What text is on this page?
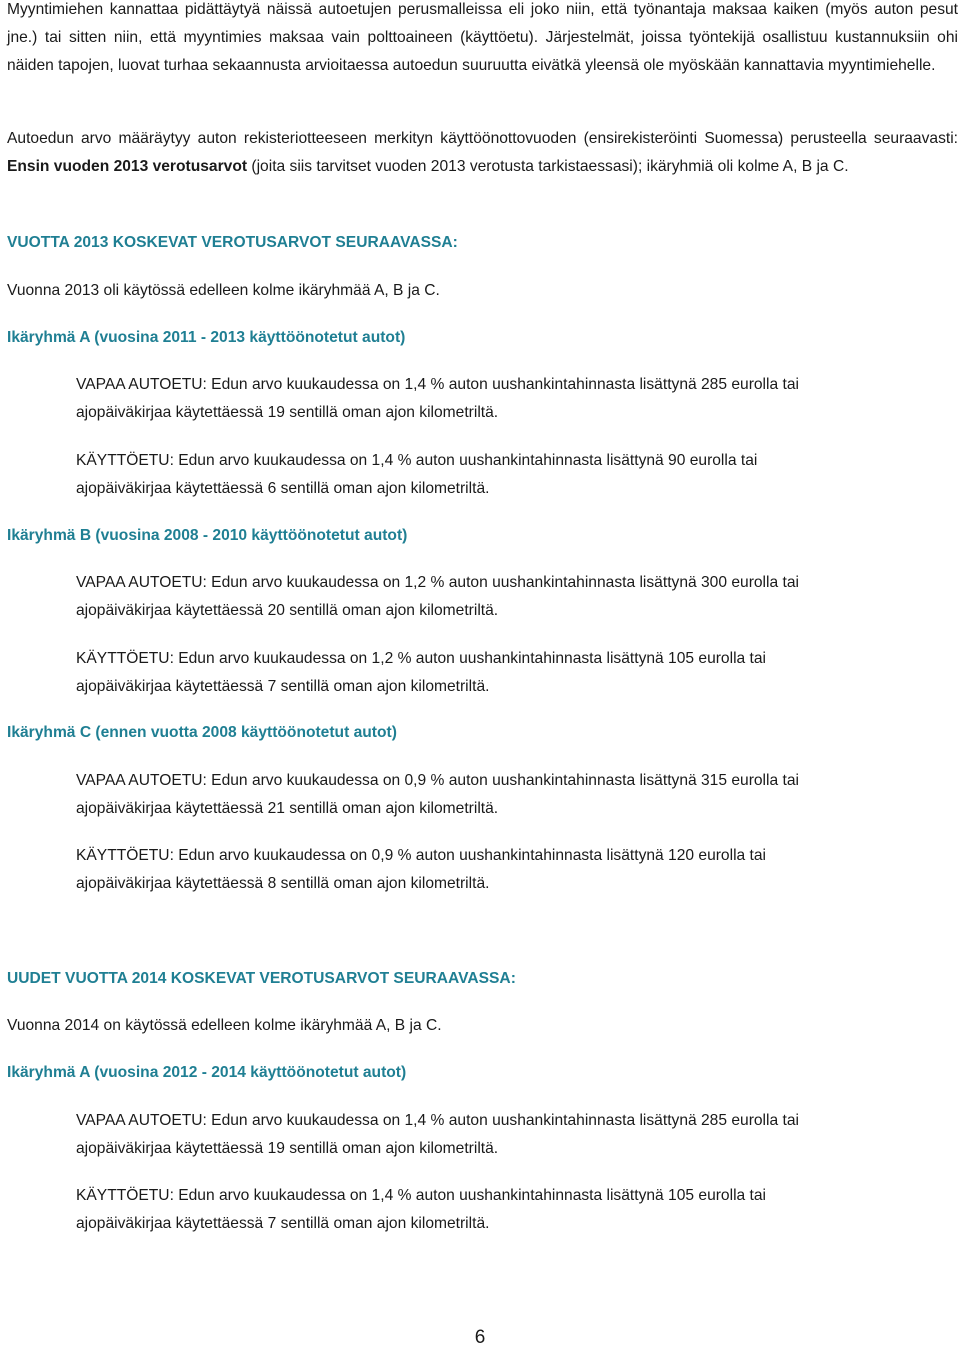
Myyntimiehen kannattaa pidättäytyä näissä autoetujen perusmalleissa eli joko niin, että työnantaja maksaa kaiken (myös auton pesut jne.) tai sitten niin, että myyntimies maksaa vain polttoaineen (käyttöetu). Järjestelmät, joissa työntekijä osallistuu kustannuksiin ohi näiden tapojen, luovat turhaa sekaannusta arvioitaessa autoedun suuruutta eivätkä yleensä ole myöskään kannattavia myyntimiehelle.

Autoedun arvo määräytyy auton rekisteriotteeseen merkityn käyttöönottovuoden (ensirekisteröinti Suomessa) perusteella seuraavasti: Ensin vuoden 2013 verotusarvot (joita siis tarvitset vuoden 2013 verotusta tarkistaessasi); ikäryhmiä oli kolme A, B ja C.

VUOTTA 2013 KOSKEVAT VEROTUSARVOT SEURAAVASSA:

Vuonna 2013 oli käytössä edelleen kolme ikäryhmää A, B ja C.

Ikäryhmä A (vuosina 2011 - 2013 käyttöönotetut autot)

VAPAA AUTOETU: Edun arvo kuukaudessa on 1,4 % auton uushankintahinnasta lisättynä 285 eurolla tai

ajopäiväkirjaa käytettäessä 19 sentillä oman ajon kilometriltä.

KÄYTTÖETU: Edun arvo kuukaudessa on 1,4 % auton uushankintahinnasta lisättynä 90 eurolla tai

ajopäiväkirjaa käytettäessä 6 sentillä oman ajon kilometriltä.

Ikäryhmä B (vuosina 2008 - 2010 käyttöönotetut autot)

VAPAA AUTOETU: Edun arvo kuukaudessa on 1,2 % auton uushankintahinnasta lisättynä 300 eurolla tai

ajopäiväkirjaa käytettäessä 20 sentillä oman ajon kilometriltä.

KÄYTTÖETU: Edun arvo kuukaudessa on 1,2 % auton uushankintahinnasta lisättynä 105 eurolla tai

ajopäiväkirjaa käytettäessä 7 sentillä oman ajon kilometriltä.

Ikäryhmä C (ennen vuotta 2008 käyttöönotetut autot)

VAPAA AUTOETU: Edun arvo kuukaudessa on 0,9 % auton uushankintahinnasta lisättynä 315 eurolla tai

ajopäiväkirjaa käytettäessä 21 sentillä oman ajon kilometriltä.

KÄYTTÖETU: Edun arvo kuukaudessa on 0,9 % auton uushankintahinnasta lisättynä 120 eurolla tai

ajopäiväkirjaa käytettäessä 8 sentillä oman ajon kilometriltä.

UUDET VUOTTA 2014 KOSKEVAT VEROTUSARVOT SEURAAVASSA:

Vuonna 2014 on käytössä edelleen kolme ikäryhmää A, B ja C.

Ikäryhmä A (vuosina 2012 - 2014 käyttöönotetut autot)

VAPAA AUTOETU: Edun arvo kuukaudessa on 1,4 % auton uushankintahinnasta lisättynä 285 eurolla tai

ajopäiväkirjaa käytettäessä 19 sentillä oman ajon kilometriltä.

KÄYTTÖETU: Edun arvo kuukaudessa on 1,4 % auton uushankintahinnasta lisättynä 105 eurolla tai

ajopäiväkirjaa käytettäessä 7 sentillä oman ajon kilometriltä.

6
